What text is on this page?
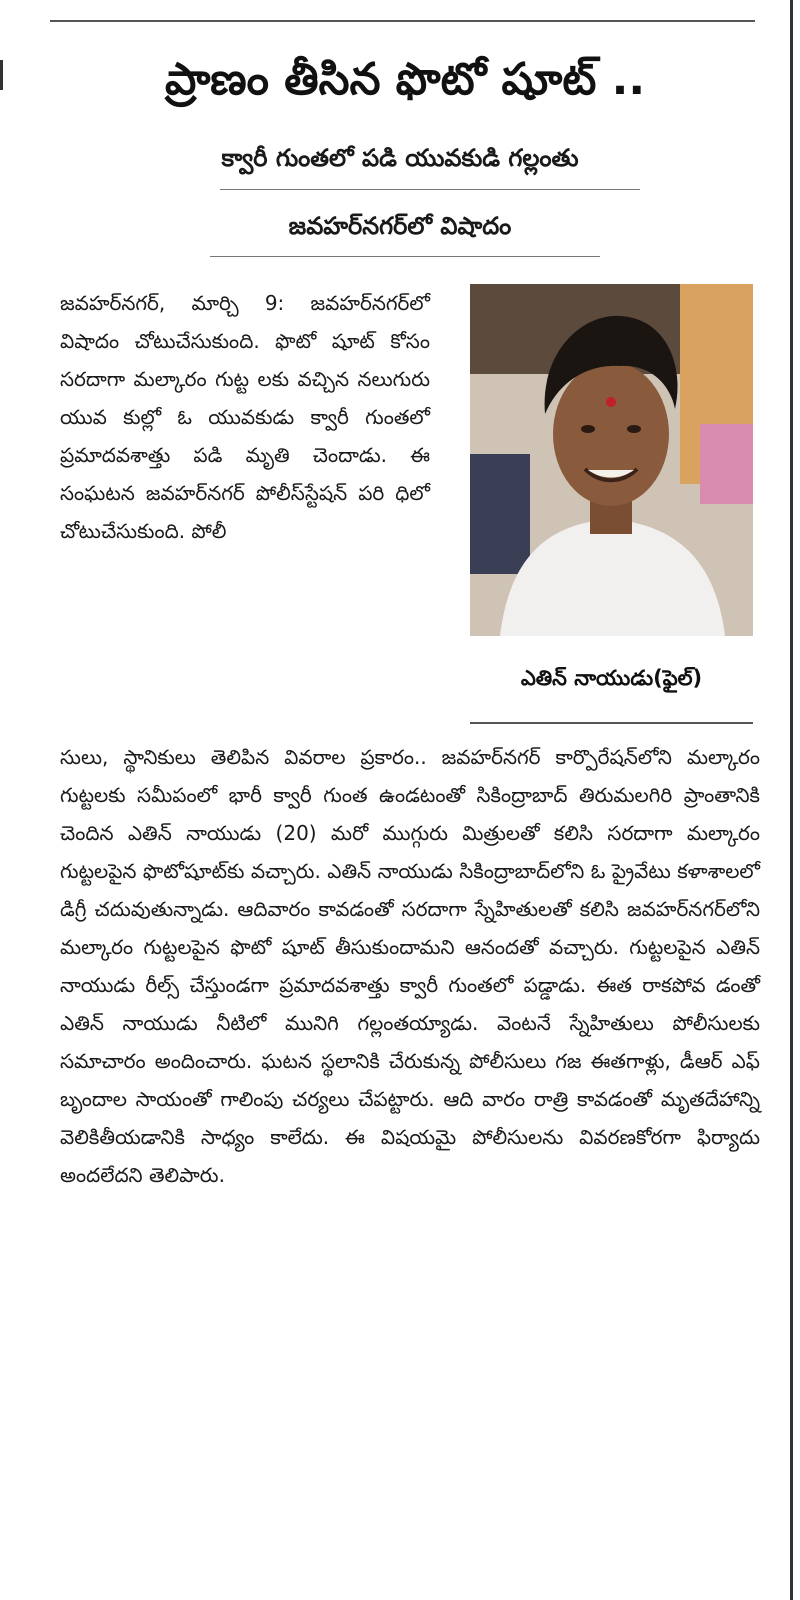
ప్రాణం తీసిన ఫొటో షూట్ ..
క్వారీ గుంతలో పడి యువకుడి గల్లంతు
జవహర్‌నగర్‌లో విషాదం

జవహర్‌నగర్, మార్చి 9: జవహర్‌నగర్‌లో విషాదం చోటుచేసుకుంది. ఫొటో షూట్ కోసం సరదాగా మల్కారం గుట్ట లకు వచ్చిన నలుగురు యువ కుల్లో ఓ యువకుడు క్వారీ గుంతలో ప్రమాదవశాత్తు పడి మృతి చెందాడు. ఈ సంఘటన జవహర్‌నగర్ పోలీస్‌స్టేషన్ పరి ధిలో చోటుచేసుకుంది. పోలీ

ఎతిన్ నాయుడు(ఫైల్)

సులు, స్థానికులు తెలిపిన వివరాల ప్రకారం.. జవహర్‌నగర్ కార్పొరేషన్‌లోని మల్కారం గుట్టలకు సమీపంలో భారీ క్వారీ గుంత ఉండటంతో సికింద్రాబాద్ తిరుమలగిరి ప్రాంతానికి చెందిన ఎతిన్ నాయుడు (20) మరో ముగ్గురు మిత్రులతో కలిసి సరదాగా మల్కారం గుట్టలపైన ఫొటోషూట్‌కు వచ్చారు. ఎతిన్ నాయుడు సికింద్రాబాద్‌లోని ఓ ప్రైవేటు కళాశాలలో డిగ్రీ చదువుతున్నాడు. ఆదివారం కావడంతో సరదాగా స్నేహితులతో కలిసి జవహర్‌నగర్‌లోని మల్కారం గుట్టలపైన ఫొటో షూట్ తీసుకుందామని ఆనందతో వచ్చారు. గుట్టలపైన ఎతిన్ నాయుడు రీల్స్ చేస్తుండగా ప్రమాదవశాత్తు క్వారీ గుంతలో పడ్డాడు. ఈత రాకపోవ డంతో ఎతిన్ నాయుడు నీటిలో మునిగి గల్లంతయ్యాడు. వెంటనే స్నేహితులు పోలీసులకు సమాచారం అందించారు. ఘటన స్థలానికి చేరుకున్న పోలీసులు గజ ఈతగాళ్లు, డీఆర్ ఎఫ్ బృందాల సాయంతో గాలింపు చర్యలు చేపట్టారు. ఆది వారం రాత్రి కావడంతో మృతదేహాన్ని వెలికితీయడానికి సాధ్యం కాలేదు. ఈ విషయమై పోలీసులను వివరణకోరగా ఫిర్యాదు అందలేదని తెలిపారు.
